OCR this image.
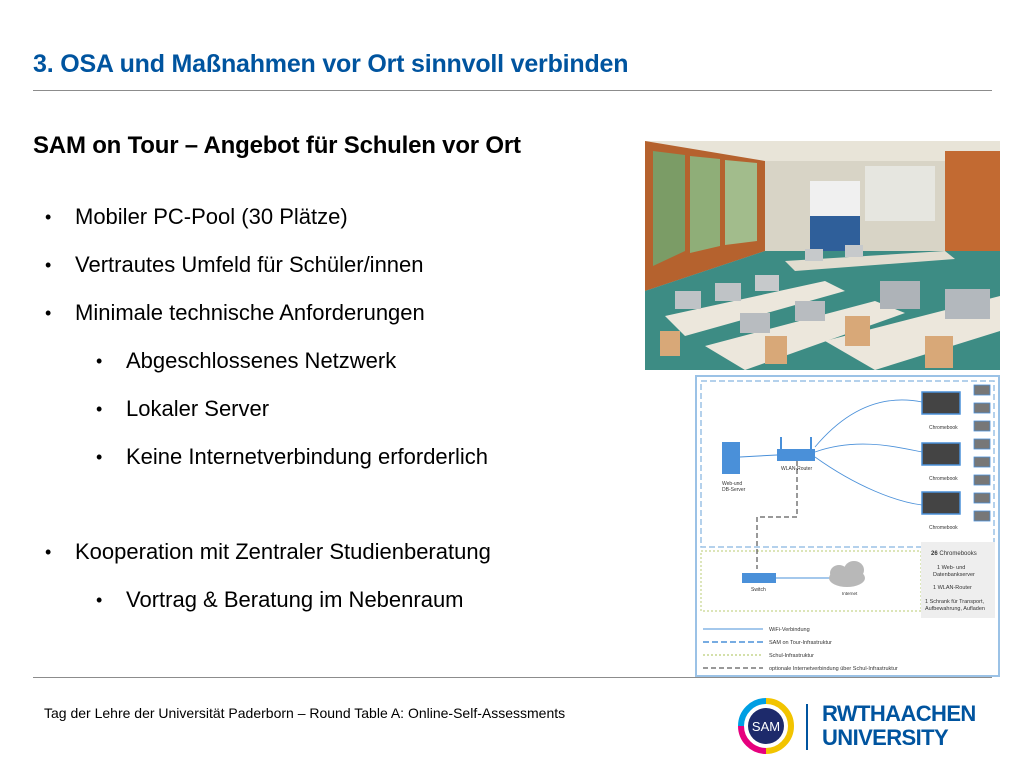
3. OSA und Maßnahmen vor Ort sinnvoll verbinden
SAM on Tour – Angebot für Schulen vor Ort
• Mobiler PC-Pool (30 Plätze)
• Vertrautes Umfeld für Schüler/innen
• Minimale technische Anforderungen
• Abgeschlossenes Netzwerk
• Lokaler Server
• Keine Internetverbindung erforderlich
• Kooperation mit Zentraler Studienberatung
• Vortrag & Beratung im Nebenraum
Web-und
DB-Server
WLAN-Router
Chromebook
Chromebook
Chromebook
26 Chromebooks
1 Web- und
Datenbankserver
1 WLAN-Router
1 Schrank für Transport,
Aufbewahrung, Aufladen
Switch
Internet
WiFi-Verbindung
SAM on Tour-Infrastruktur
Schul-Infrastruktur
optionale Internetverbindung über Schul-Infrastruktur
Tag der Lehre der Universität Paderborn – Round Table A: Online-Self-Assessments
SAM
RWTHAACHEN
UNIVERSITY
